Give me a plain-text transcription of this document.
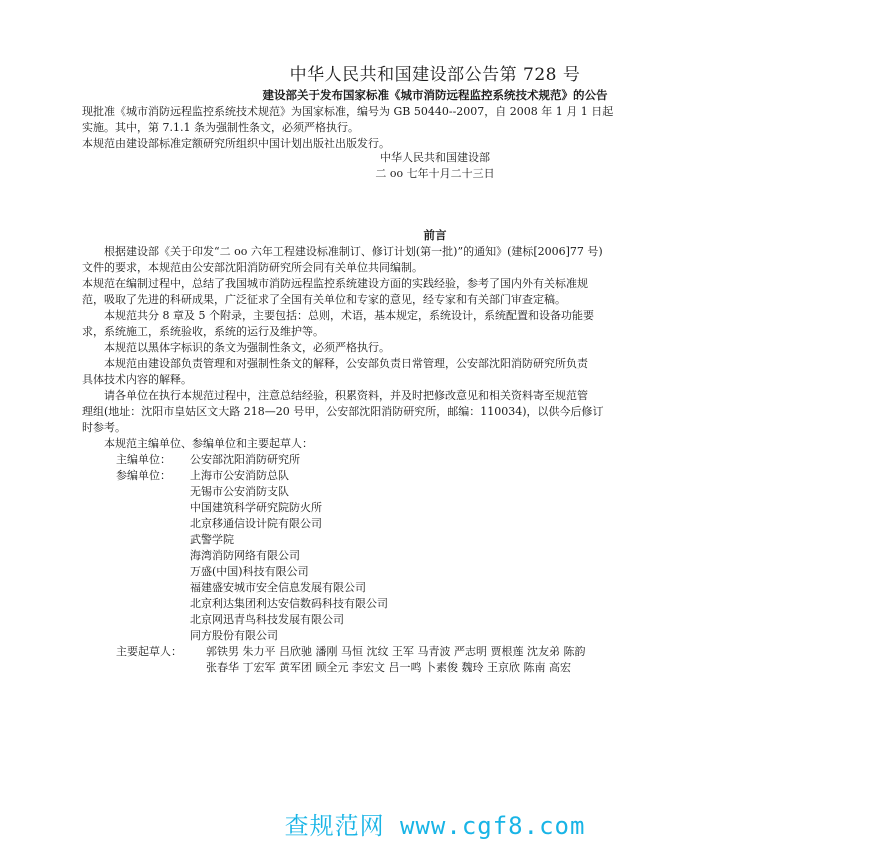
中华人民共和国建设部公告第 728 号
建设部关于发布国家标准《城市消防远程监控系统技术规范》的公告
现批准《城市消防远程监控系统技术规范》为国家标准，编号为 GB 50440--2007，自 2008 年 1 月 1 日起
实施。其中，第 7.1.1 条为强制性条文，必须严格执行。
本规范由建设部标准定额研究所组织中国计划出版社出版发行。
中华人民共和国建设部
二 oo 七年十月二十三日
前言
根据建设部《关于印发“二 oo 六年工程建设标准制订、修订计划(第一批)”的通知》(建标[2006]77 号)
文件的要求，本规范由公安部沈阳消防研究所会同有关单位共同编制。
本规范在编制过程中，总结了我国城市消防远程监控系统建设方面的实践经验，参考了国内外有关标准规
范，吸取了先进的科研成果，广泛征求了全国有关单位和专家的意见，经专家和有关部门审查定稿。
本规范共分 8 章及 5 个附录，主要包括：总则，术语，基本规定，系统设计，系统配置和设备功能要
求，系统施工，系统验收，系统的运行及维护等。
本规范以黑体字标识的条文为强制性条文，必须严格执行。
本规范由建设部负责管理和对强制性条文的解释，公安部负责日常管理，公安部沈阳消防研究所负责
具体技术内容的解释。
请各单位在执行本规范过程中，注意总结经验，积累资料，并及时把修改意见和相关资料寄至规范管
理组(地址：沈阳市皇姑区文大路 218—20 号甲，公安部沈阳消防研究所，邮编：110034)，以供今后修订
时参考。
本规范主编单位、参编单位和主要起草人：
主编单位： 公安部沈阳消防研究所
参编单位： 上海市公安消防总队
无锡市公安消防支队
中国建筑科学研究院防火所
北京移通信设计院有限公司
武警学院
海湾消防网络有限公司
万盛(中国)科技有限公司
福建盛安城市安全信息发展有限公司
北京利达集团利达安信数码科技有限公司
北京网迅青鸟科技发展有限公司
同方股份有限公司
主要起草人： 郭铁男 朱力平 吕欣驰 潘刚 马恒 沈纹 王军 马青波 严志明 贾根莲 沈友弟 陈韵
张春华 丁宏军 黄军团 顾全元 李宏文 吕一鸣 卜素俊 魏玲 王京欣 陈南 高宏
查规范网 www.cgf8.com
